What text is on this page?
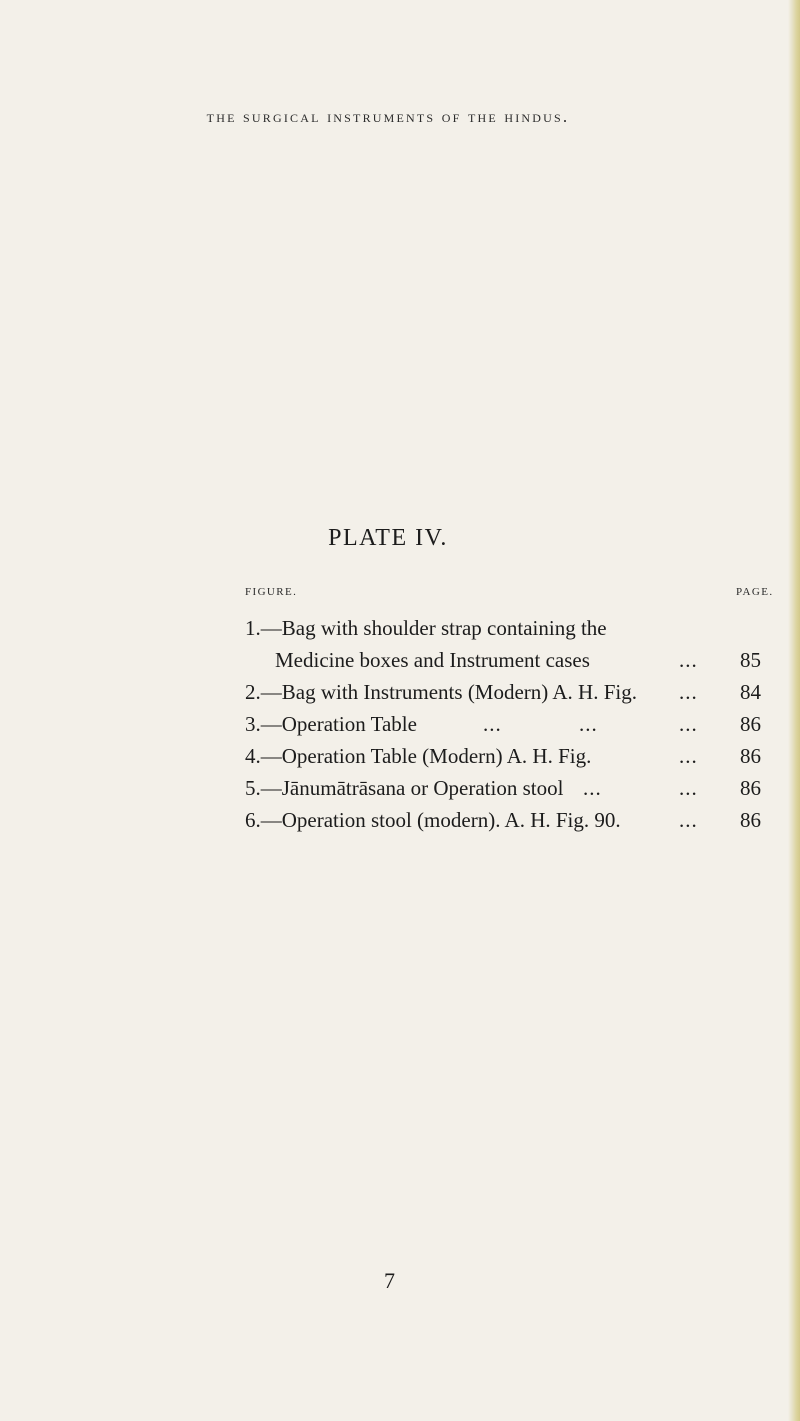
the surgical instruments of the hindus.
PLATE IV.
FIGURE.	PAGE.
1.—Bag with shoulder strap containing the
Medicine boxes and Instrument cases	... 85
2.—Bag with Instruments (Modern) A. H. Fig. ... 84
3.—Operation Table	...	...	... 86
4.—Operation Table (Modern) A. H. Fig.	... 86
5.—Jānumātrāsana or Operation stool ...	... 86
6.—Operation stool (modern). A. H. Fig. 90.	... 86
7
